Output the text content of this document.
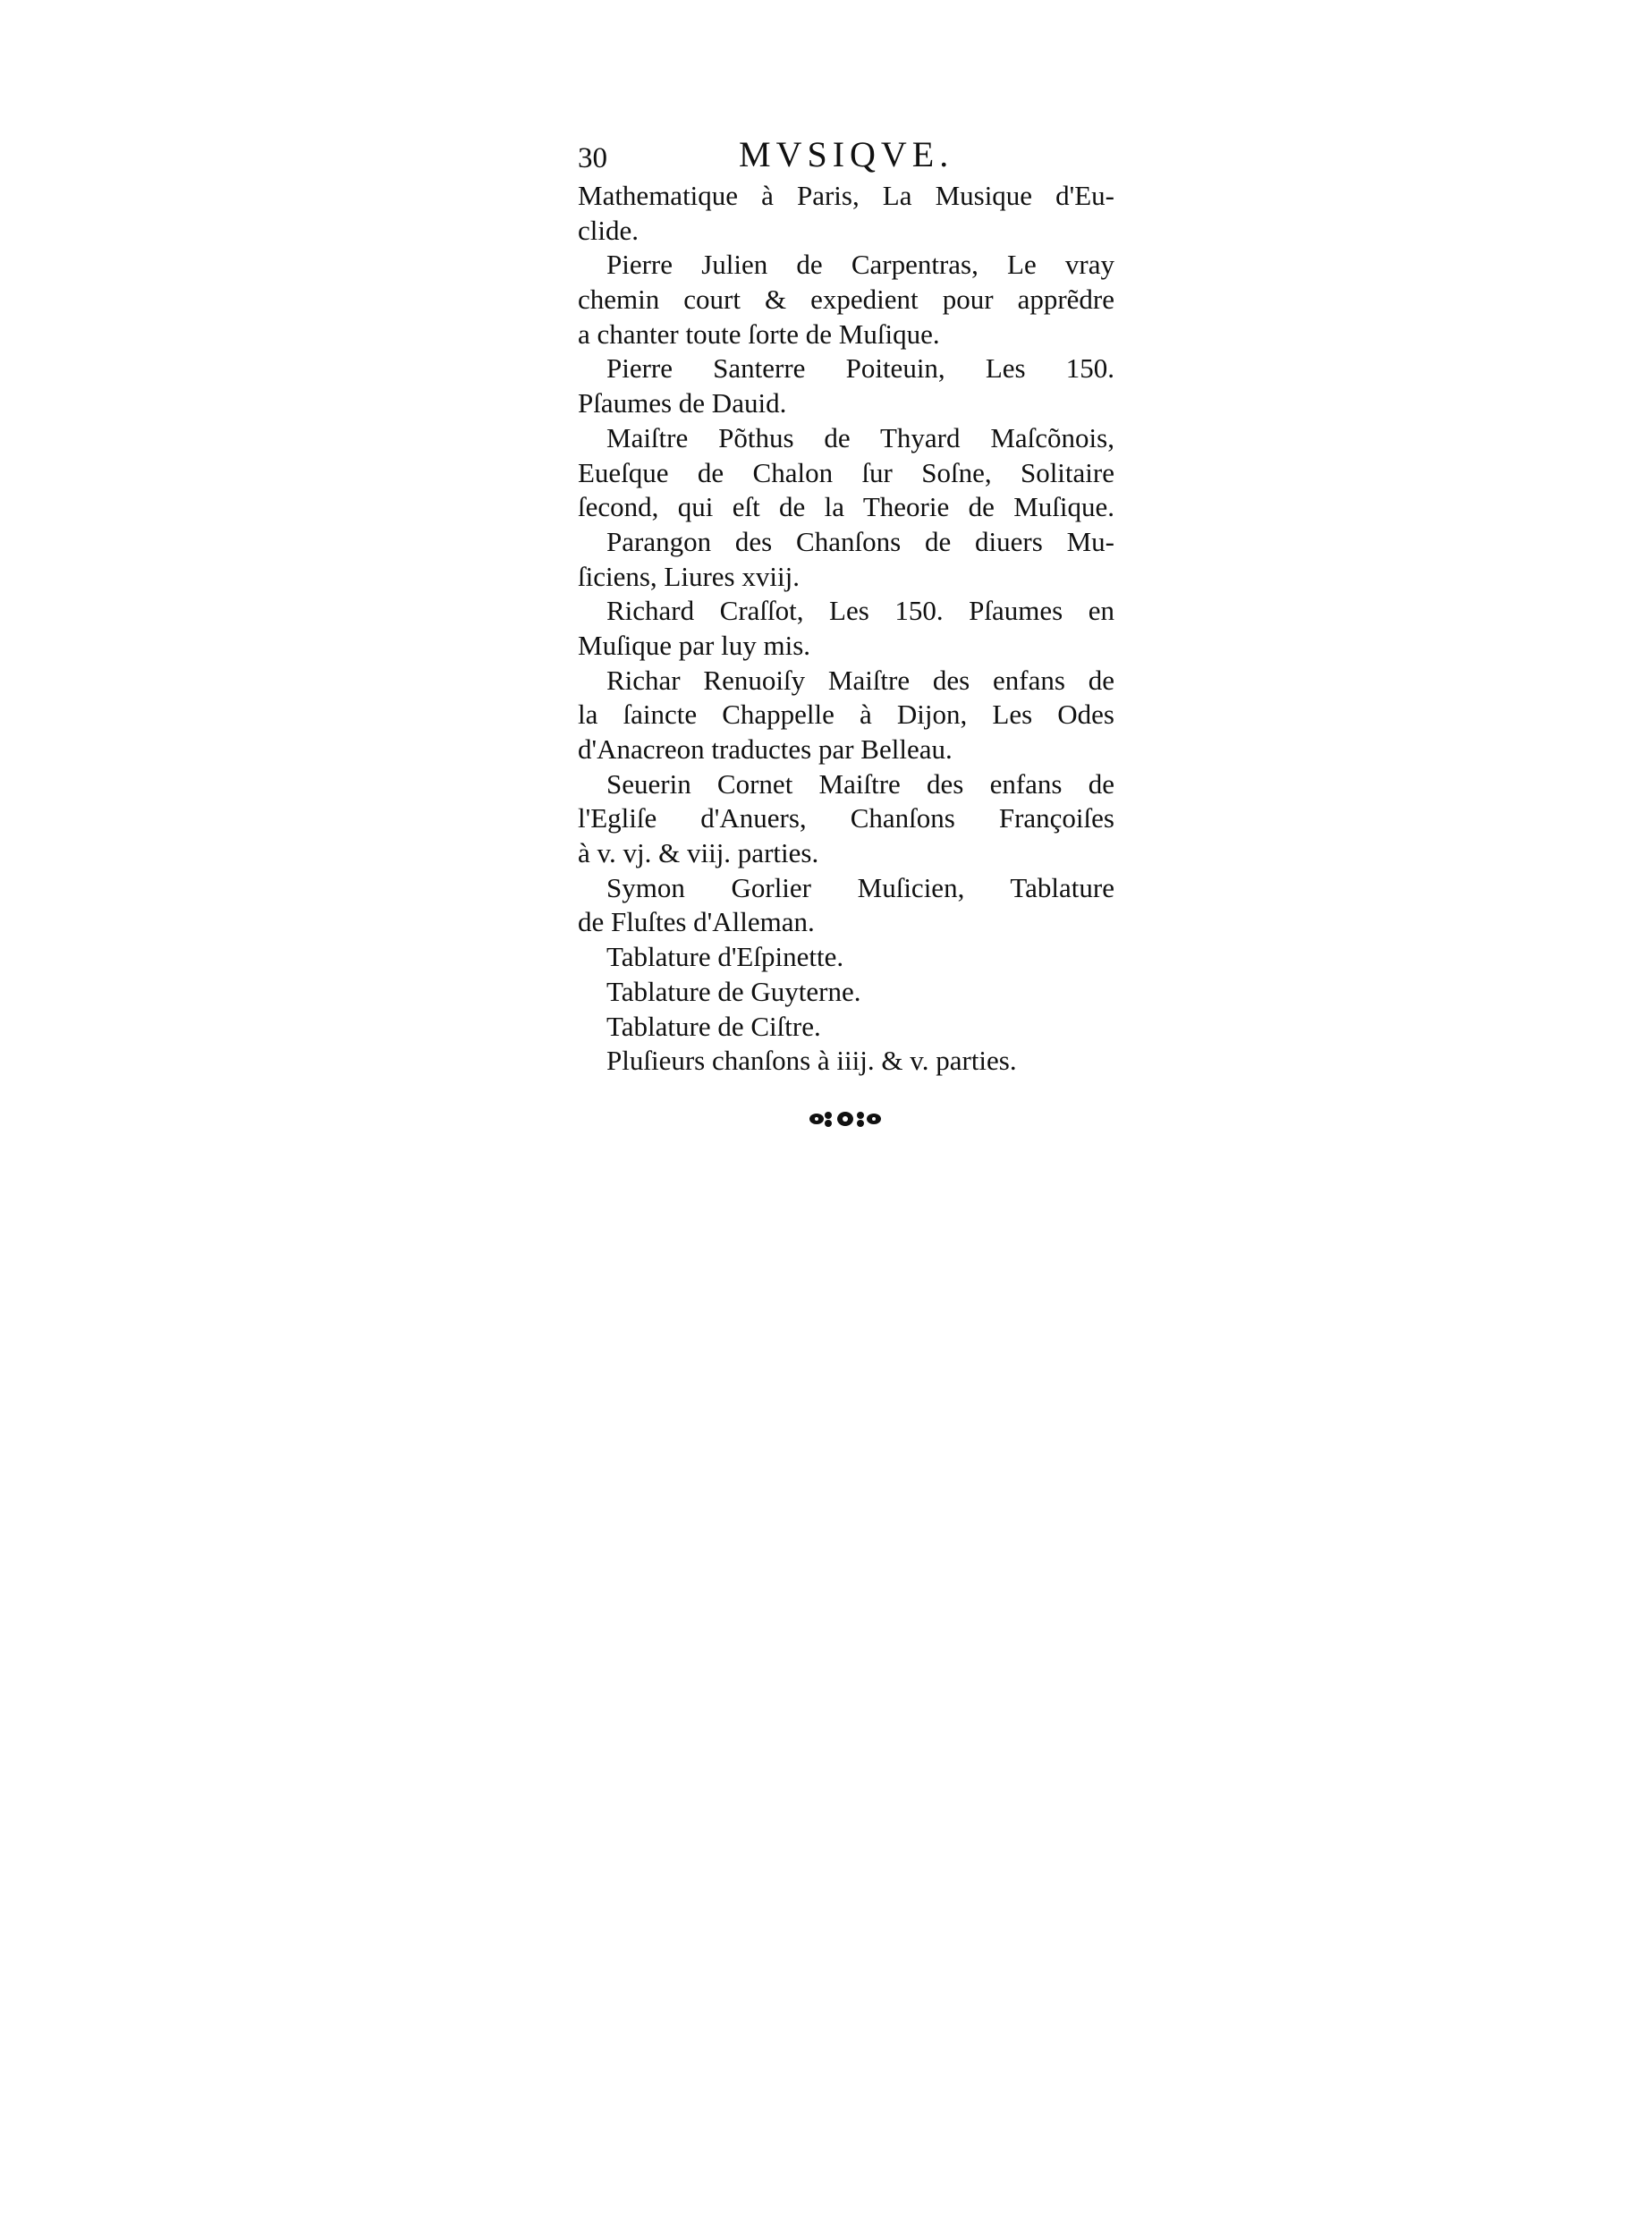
30	MVSIQVE.
Mathematique à Paris, La Musique d'Eu-
clide.
Pierre Julien de Carpentras, Le vray
chemin court & expedient pour apprẽdre
a chanter toute ſorte de Muſique.
Pierre Santerre Poiteuin, Les 150.
Pſaumes de Dauid.
Maiſtre Põthus de Thyard Maſcõnois,
Eueſque de Chalon ſur Soſne, Solitaire
ſecond, qui eſt de la Theorie de Muſique.
Parangon des Chanſons de diuers Mu-
ſiciens, Liures xviij.
Richard Craſſot, Les 150. Pſaumes en
Muſique par luy mis.
Richar Renuoiſy Maiſtre des enfans de
la ſaincte Chappelle à Dijon, Les Odes
d'Anacreon traductes par Belleau.
Seuerin Cornet Maiſtre des enfans de
l'Egliſe d'Anuers, Chanſons Françoiſes
à v. vj. & viij. parties.
Symon Gorlier Muſicien, Tablature
de Fluſtes d'Alleman.
Tablature d'Eſpinette.
Tablature de Guyterne.
Tablature de Ciſtre.
Pluſieurs chanſons à iiij. & v. parties.
